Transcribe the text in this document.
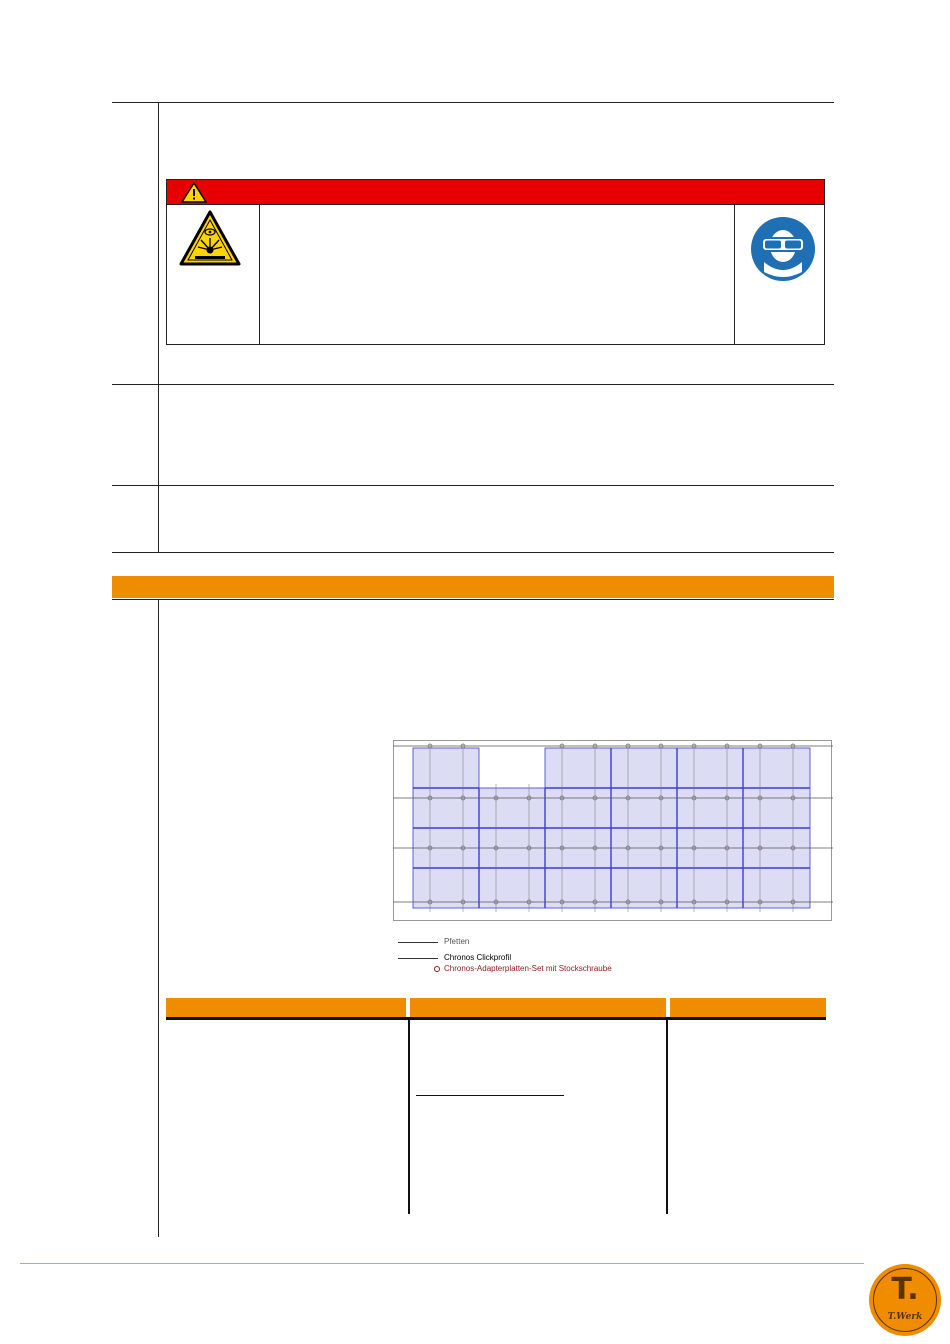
Pfetten
Chronos Clickprofil
Chronos-Adapterplatten-Set mit Stockschraube
T.
T.Werk
